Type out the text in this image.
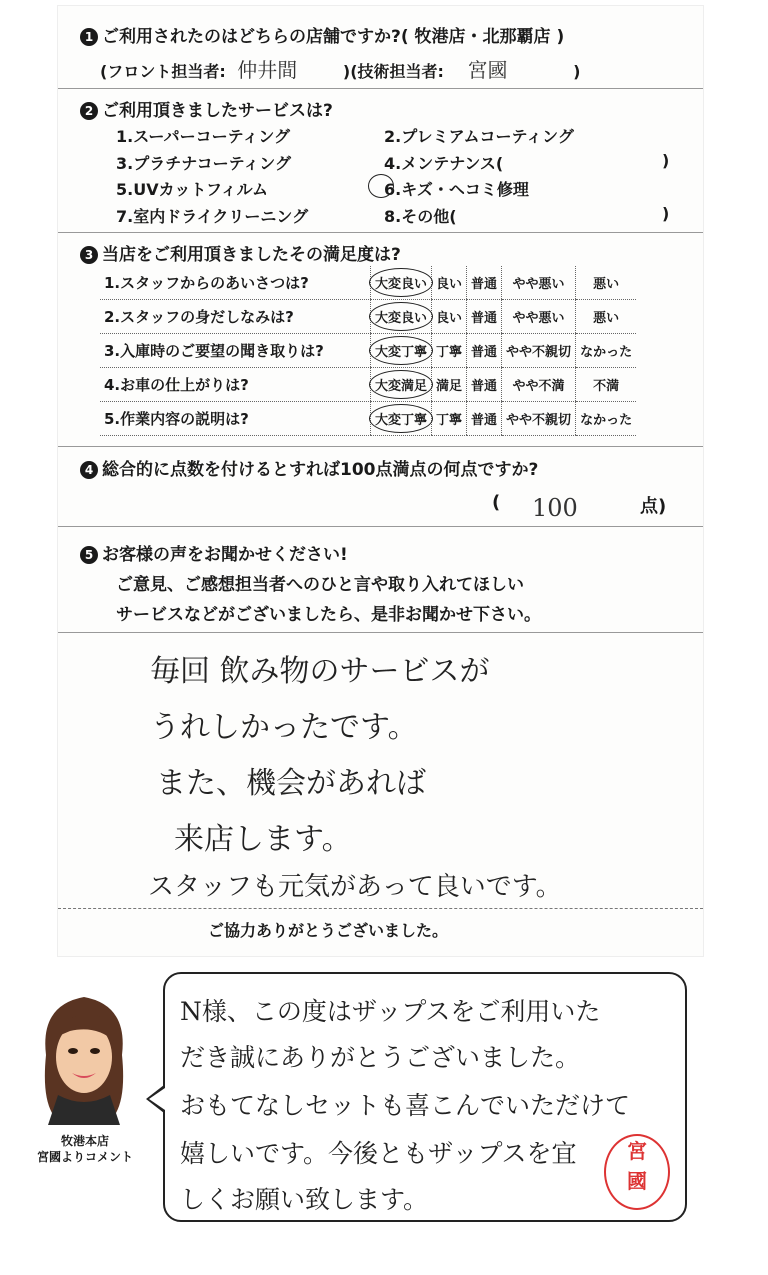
1 ご利用されたのはどちらの店舗ですか?( 牧港店・北那覇店 )
(フロント担当者: 仲井間	)(技術担当者: 宮國	)
2 ご利用頂きましたサービスは?
1.スーパーコーティング	2.プレミアムコーティング
3.プラチナコーティング	4.メンテナンス(	)
5.UVカットフィルム	6.キズ・ヘコミ修理
7.室内ドライクリーニング	8.その他(	)
3 当店をご利用頂きましたその満足度は?
1.スタッフからのあいさつは?	大変良い	良い	普通	やや悪い	悪い
2.スタッフの身だしなみは?	大変良い	良い	普通	やや悪い	悪い
3.入庫時のご要望の聞き取りは?	大変丁寧	丁寧	普通	やや不親切	なかった
4.お車の仕上がりは?	大変満足	満足	普通	やや不満	不満
5.作業内容の説明は?	大変丁寧	丁寧	普通	やや不親切	なかった
4 総合的に点数を付けるとすれば100点満点の何点ですか?
( 100	点)
5 お客様の声をお聞かせください!
ご意見、ご感想担当者へのひと言や取り入れてほしい
サービスなどがございましたら、是非お聞かせ下さい。
毎回 飲み物のサービスが
うれしかったです。
また、機会があれば
来店します。
スタッフも元気があって良いです。
ご協力ありがとうございました。
牧港本店
宮國よりコメント
N様、この度はザップスをご利用いた
だき誠にありがとうございました。
おもてなしセットも喜こんでいただけて
嬉しいです。今後ともザップスを宜
しくお願い致します。
宮
國
